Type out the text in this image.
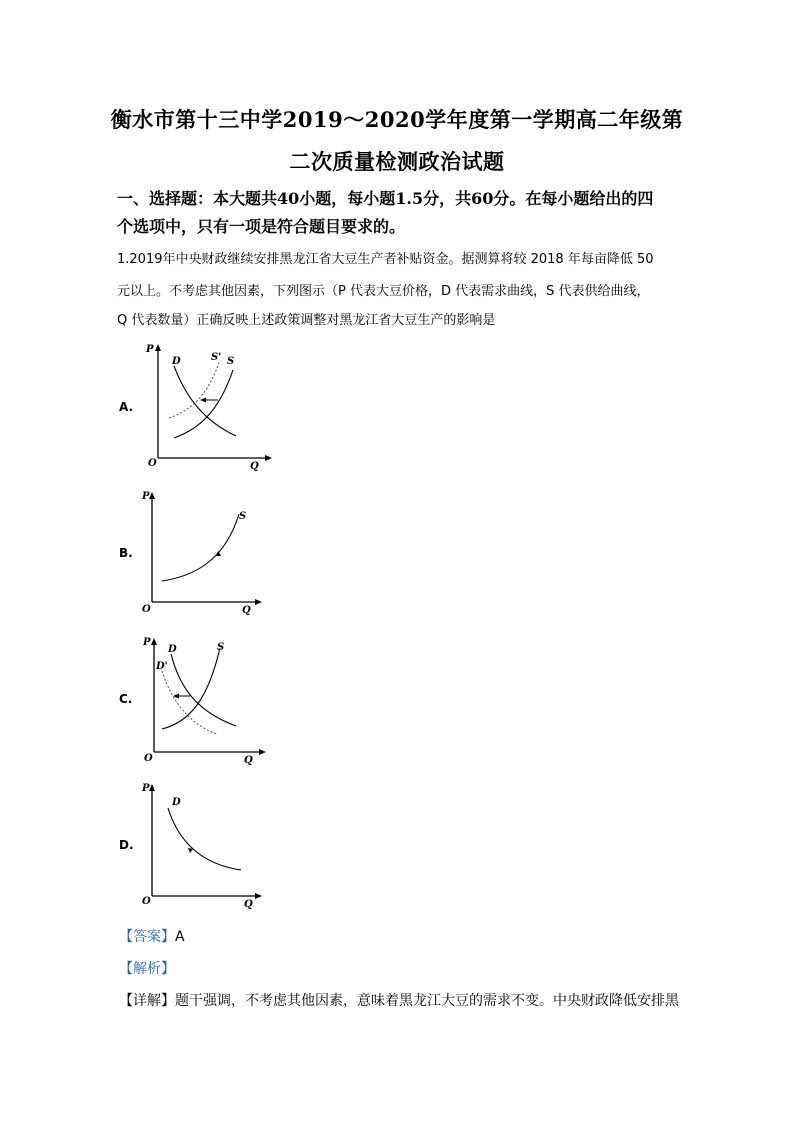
衡水市第十三中学2019～2020学年度第一学期高二年级第
二次质量检测政治试题
一、选择题：本大题共40小题，每小题1.5分，共60分。在每小题给出的四
个选项中，只有一项是符合题目要求的。
1.2019年中央财政继续安排黑龙江省大豆生产者补贴资金。据测算将较 2018 年每亩降低 50
元以上。不考虑其他因素，下列图示（P 代表大豆价格，D 代表需求曲线，S 代表供给曲线，
Q 代表数量）正确反映上述政策调整对黑龙江省大豆生产的影响是
A.
P
Q
O
D	S' S
B.
P
Q
O
S
C.
P
Q
O
D
D'
S
D.
P
Q
O
D
【答案】A
【解析】
【详解】题干强调，不考虑其他因素，意味着黑龙江大豆的需求不变。中央财政降低安排黑
